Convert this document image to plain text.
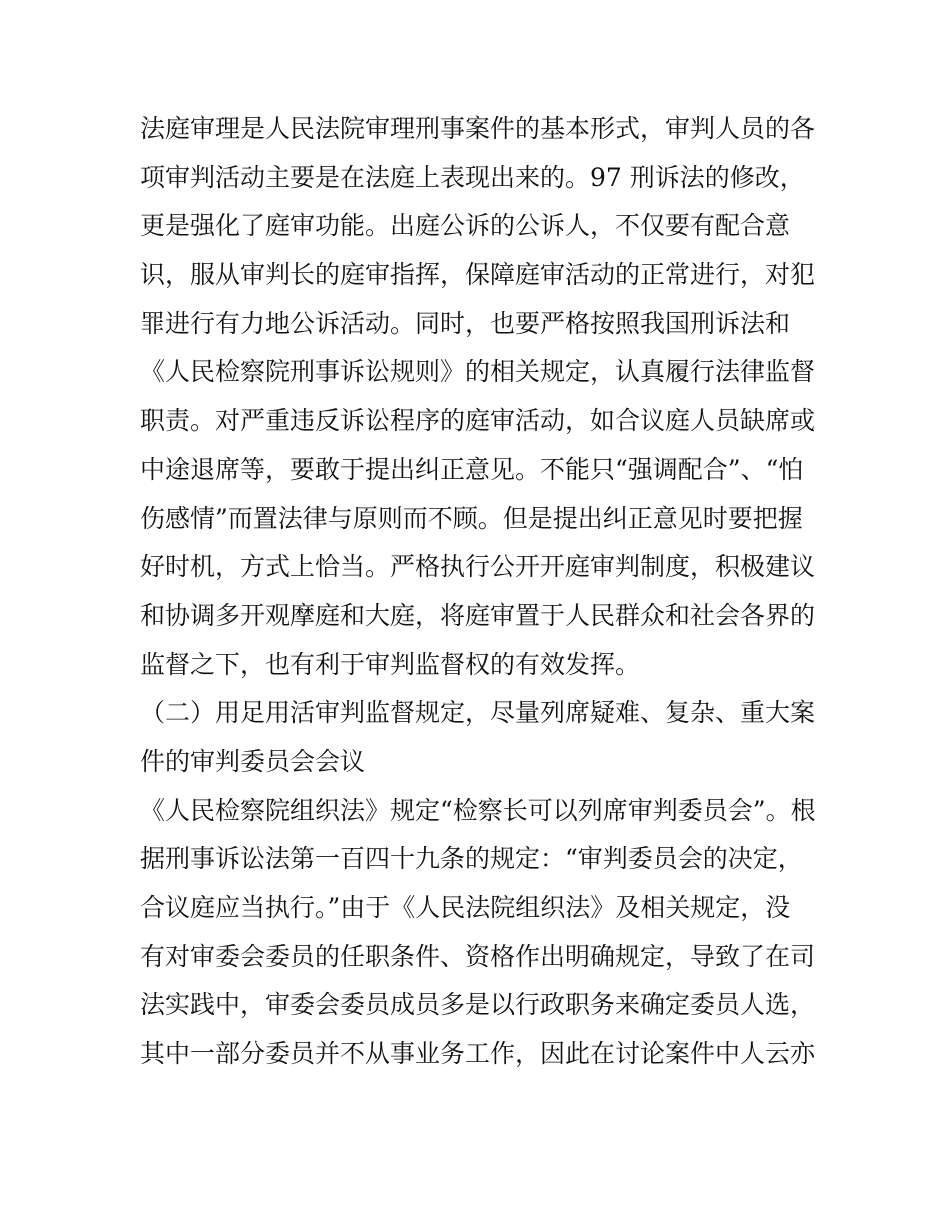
法庭审理是人民法院审理刑事案件的基本形式，审判人员的各
项审判活动主要是在法庭上表现出来的。97 刑诉法的修改，
更是强化了庭审功能。出庭公诉的公诉人，不仅要有配合意
识，服从审判长的庭审指挥，保障庭审活动的正常进行，对犯
罪进行有力地公诉活动。同时，也要严格按照我国刑诉法和
《人民检察院刑事诉讼规则》的相关规定，认真履行法律监督
职责。对严重违反诉讼程序的庭审活动，如合议庭人员缺席或
中途退席等，要敢于提出纠正意见。不能只“强调配合”、“怕
伤感情”而置法律与原则而不顾。但是提出纠正意见时要把握
好时机，方式上恰当。严格执行公开开庭审判制度，积极建议
和协调多开观摩庭和大庭，将庭审置于人民群众和社会各界的
监督之下，也有利于审判监督权的有效发挥。
（二）用足用活审判监督规定，尽量列席疑难、复杂、重大案
件的审判委员会会议
《人民检察院组织法》规定“检察长可以列席审判委员会”。根
据刑事诉讼法第一百四十九条的规定：“审判委员会的决定，
合议庭应当执行。”由于《人民法院组织法》及相关规定，没
有对审委会委员的任职条件、资格作出明确规定，导致了在司
法实践中，审委会委员成员多是以行政职务来确定委员人选，
其中一部分委员并不从事业务工作，因此在讨论案件中人云亦
